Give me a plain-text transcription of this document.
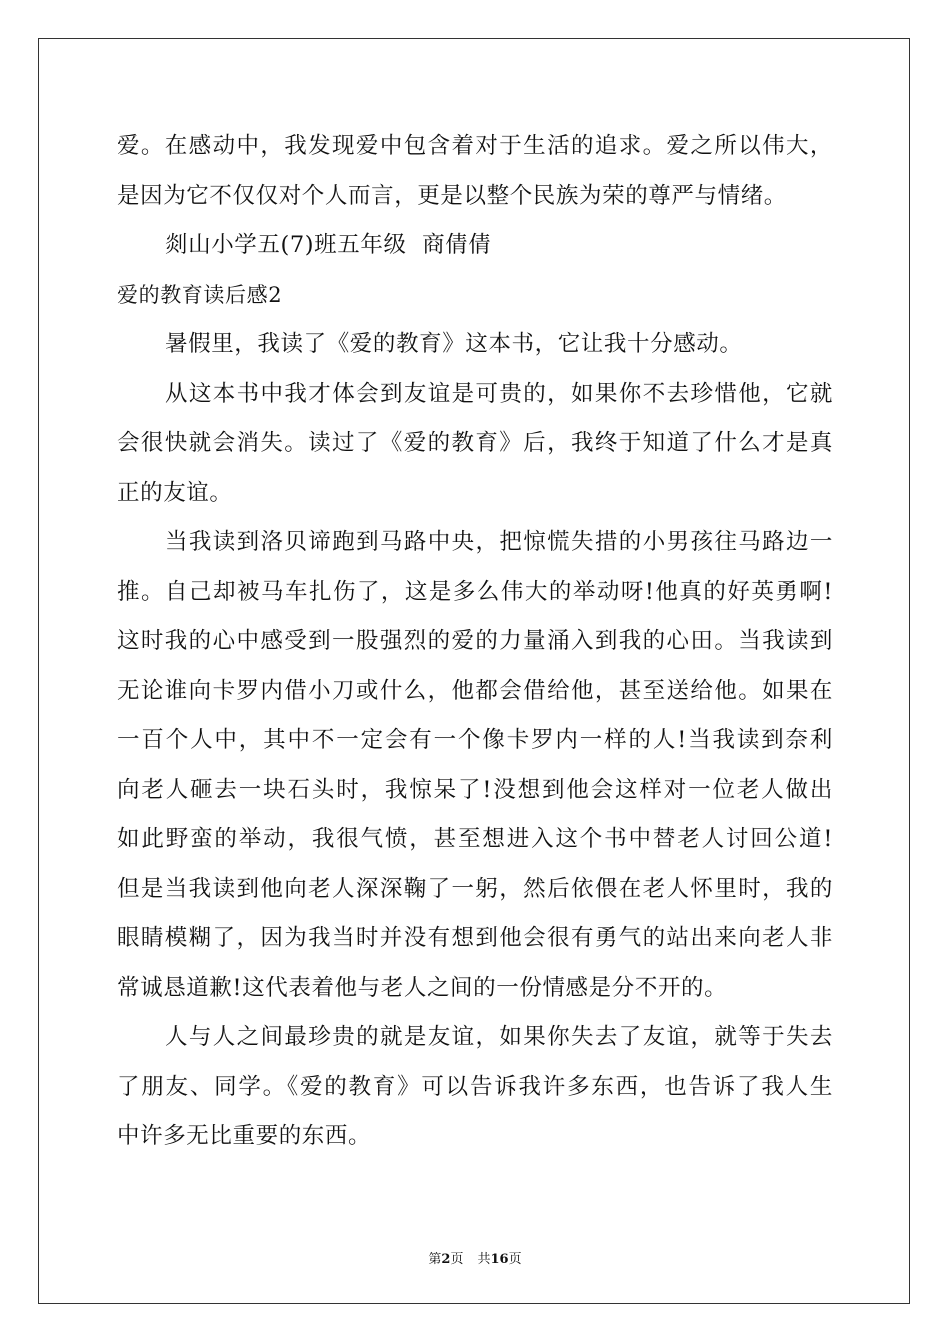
爱。在感动中，我发现爱中包含着对于生活的追求。爱之所以伟大，
是因为它不仅仅对个人而言，更是以整个民族为荣的尊严与情绪。
剡山小学五(7)班五年级  商倩倩
爱的教育读后感2
暑假里，我读了《爱的教育》这本书，它让我十分感动。
从这本书中我才体会到友谊是可贵的，如果你不去珍惜他，它就
会很快就会消失。读过了《爱的教育》后，我终于知道了什么才是真
正的友谊。
当我读到洛贝谛跑到马路中央，把惊慌失措的小男孩往马路边一
推。自己却被马车扎伤了，这是多么伟大的举动呀!他真的好英勇啊!
这时我的心中感受到一股强烈的爱的力量涌入到我的心田。当我读到
无论谁向卡罗内借小刀或什么，他都会借给他，甚至送给他。如果在
一百个人中，其中不一定会有一个像卡罗内一样的人!当我读到奈利
向老人砸去一块石头时，我惊呆了!没想到他会这样对一位老人做出
如此野蛮的举动，我很气愤，甚至想进入这个书中替老人讨回公道!
但是当我读到他向老人深深鞠了一躬，然后依偎在老人怀里时，我的
眼睛模糊了，因为我当时并没有想到他会很有勇气的站出来向老人非
常诚恳道歉!这代表着他与老人之间的一份情感是分不开的。
人与人之间最珍贵的就是友谊，如果你失去了友谊，就等于失去
了朋友、同学。《爱的教育》可以告诉我许多东西，也告诉了我人生
中许多无比重要的东西。
第2页 共16页
